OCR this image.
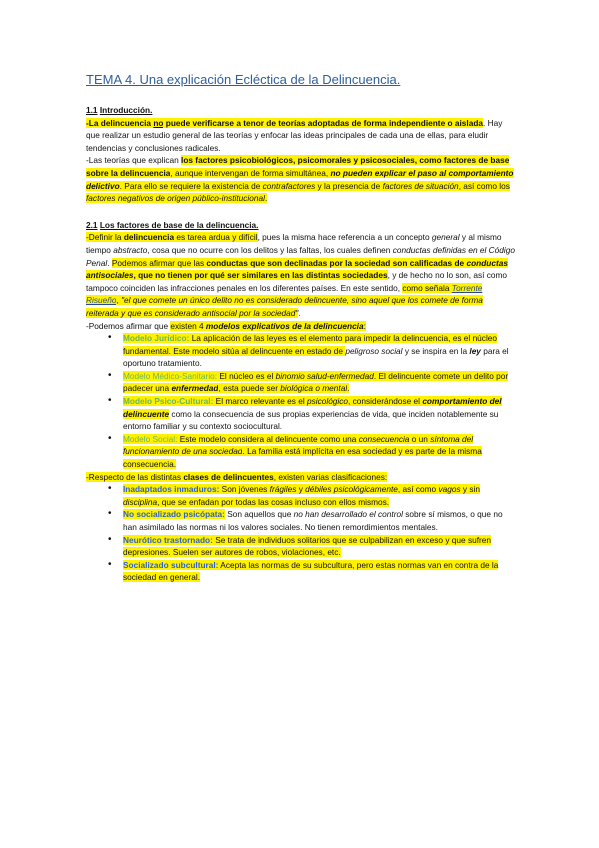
TEMA 4. Una explicación Ecléctica de la Delincuencia.

1.1 Introducción.

-La delincuencia no puede verificarse a tenor de teorías adoptadas de forma independiente o aislada. Hay que realizar un estudio general de las teorías y enfocar las ideas principales de cada una de ellas, para eludir tendencias y conclusiones radicales.

-Las teorías que explican los factores psicobiológicos, psicomorales y psicosociales, como factores de base sobre la delincuencia, aunque intervengan de forma simultánea, no pueden explicar el paso al comportamiento delictivo. Para ello se requiere la existencia de contrafactores y la presencia de factores de situación, así como los factores negativos de origen público-institucional.

2.1 Los factores de base de la delincuencia.

-Definir la delincuencia es tarea ardua y difícil, pues la misma hace referencia a un concepto general y al mismo tiempo abstracto, cosa que no ocurre con los delitos y las faltas, los cuales definen conductas definidas en el Código Penal. Podemos afirmar que las conductas que son declinadas por la sociedad son calificadas de conductas antisociales, que no tienen por qué ser similares en las distintas sociedades, y de hecho no lo son, así como tampoco coinciden las infracciones penales en los diferentes países. En este sentido, como señala Torrente Risueño, "el que comete un único delito no es considerado delincuente, sino aquel que los comete de forma reiterada y que es considerado antisocial por la sociedad".

-Podemos afirmar que existen 4 modelos explicativos de la delincuencia:

• Modelo Jurídico: La aplicación de las leyes es el elemento para impedir la delincuencia, es el núcleo fundamental. Este modelo sitúa al delincuente en estado de peligroso social y se inspira en la ley para el oportuno tratamiento.
• Modelo Médico-Sanitario: El núcleo es el binomio salud-enfermedad. El delincuente comete un delito por padecer una enfermedad, esta puede ser biológica o mental.
• Modelo Psico-Cultural: El marco relevante es el psicológico, considerándose el comportamiento del delincuente como la consecuencia de sus propias experiencias de vida, que inciden notablemente su entorno familiar y su contexto sociocultural.
• Modelo Social: Este modelo considera al delincuente como una consecuencia o un síntoma del funcionamiento de una sociedad. La familia está implícita en esa sociedad y es parte de la misma consecuencia.

-Respecto de las distintas clases de delincuentes, existen varias clasificaciones:

• Inadaptados inmaduros: Son jóvenes frágiles y débiles psicológicamente, así como vagos y sin disciplina, que se enfadan por todas las cosas incluso con ellos mismos.
• No socializado psicópata: Son aquellos que no han desarrollado el control sobre sí mismos, o que no han asimilado las normas ni los valores sociales. No tienen remordimientos mentales.
• Neurótico trastornado: Se trata de individuos solitarios que se culpabilizan en exceso y que sufren depresiones. Suelen ser autores de robos, violaciones, etc.
• Socializado subcultural: Acepta las normas de su subcultura, pero estas normas van en contra de la sociedad en general.
